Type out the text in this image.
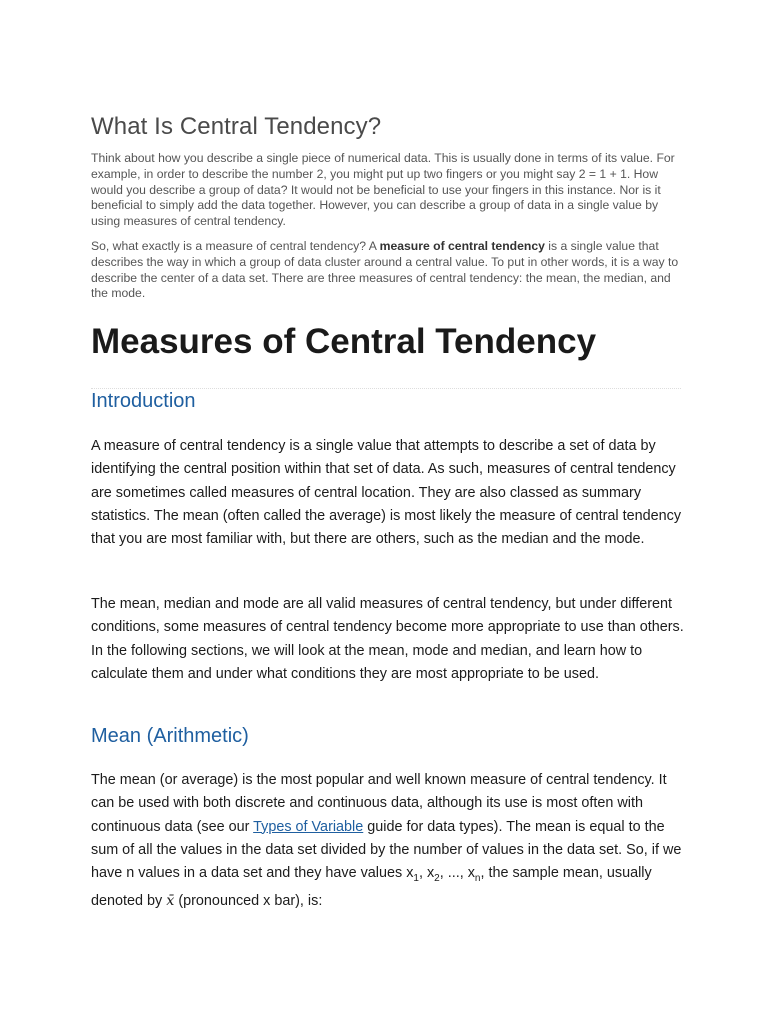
What Is Central Tendency?

Think about how you describe a single piece of numerical data. This is usually done in terms of its value. For example, in order to describe the number 2, you might put up two fingers or you might say 2 = 1 + 1. How would you describe a group of data? It would not be beneficial to use your fingers in this instance. Nor is it beneficial to simply add the data together. However, you can describe a group of data in a single value by using measures of central tendency.

So, what exactly is a measure of central tendency? A measure of central tendency is a single value that describes the way in which a group of data cluster around a central value. To put in other words, it is a way to describe the center of a data set. There are three measures of central tendency: the mean, the median, and the mode.

Measures of Central Tendency
Introduction

A measure of central tendency is a single value that attempts to describe a set of data by identifying the central position within that set of data. As such, measures of central tendency are sometimes called measures of central location. They are also classed as summary statistics. The mean (often called the average) is most likely the measure of central tendency that you are most familiar with, but there are others, such as the median and the mode.

The mean, median and mode are all valid measures of central tendency, but under different conditions, some measures of central tendency become more appropriate to use than others. In the following sections, we will look at the mean, mode and median, and learn how to calculate them and under what conditions they are most appropriate to be used.

Mean (Arithmetic)

The mean (or average) is the most popular and well known measure of central tendency. It can be used with both discrete and continuous data, although its use is most often with continuous data (see our Types of Variable guide for data types). The mean is equal to the sum of all the values in the data set divided by the number of values in the data set. So, if we have n values in a data set and they have values $x_1$, $x_2$, ..., $x_n$, the sample mean, usually denoted by x̄ (pronounced x bar), is:
